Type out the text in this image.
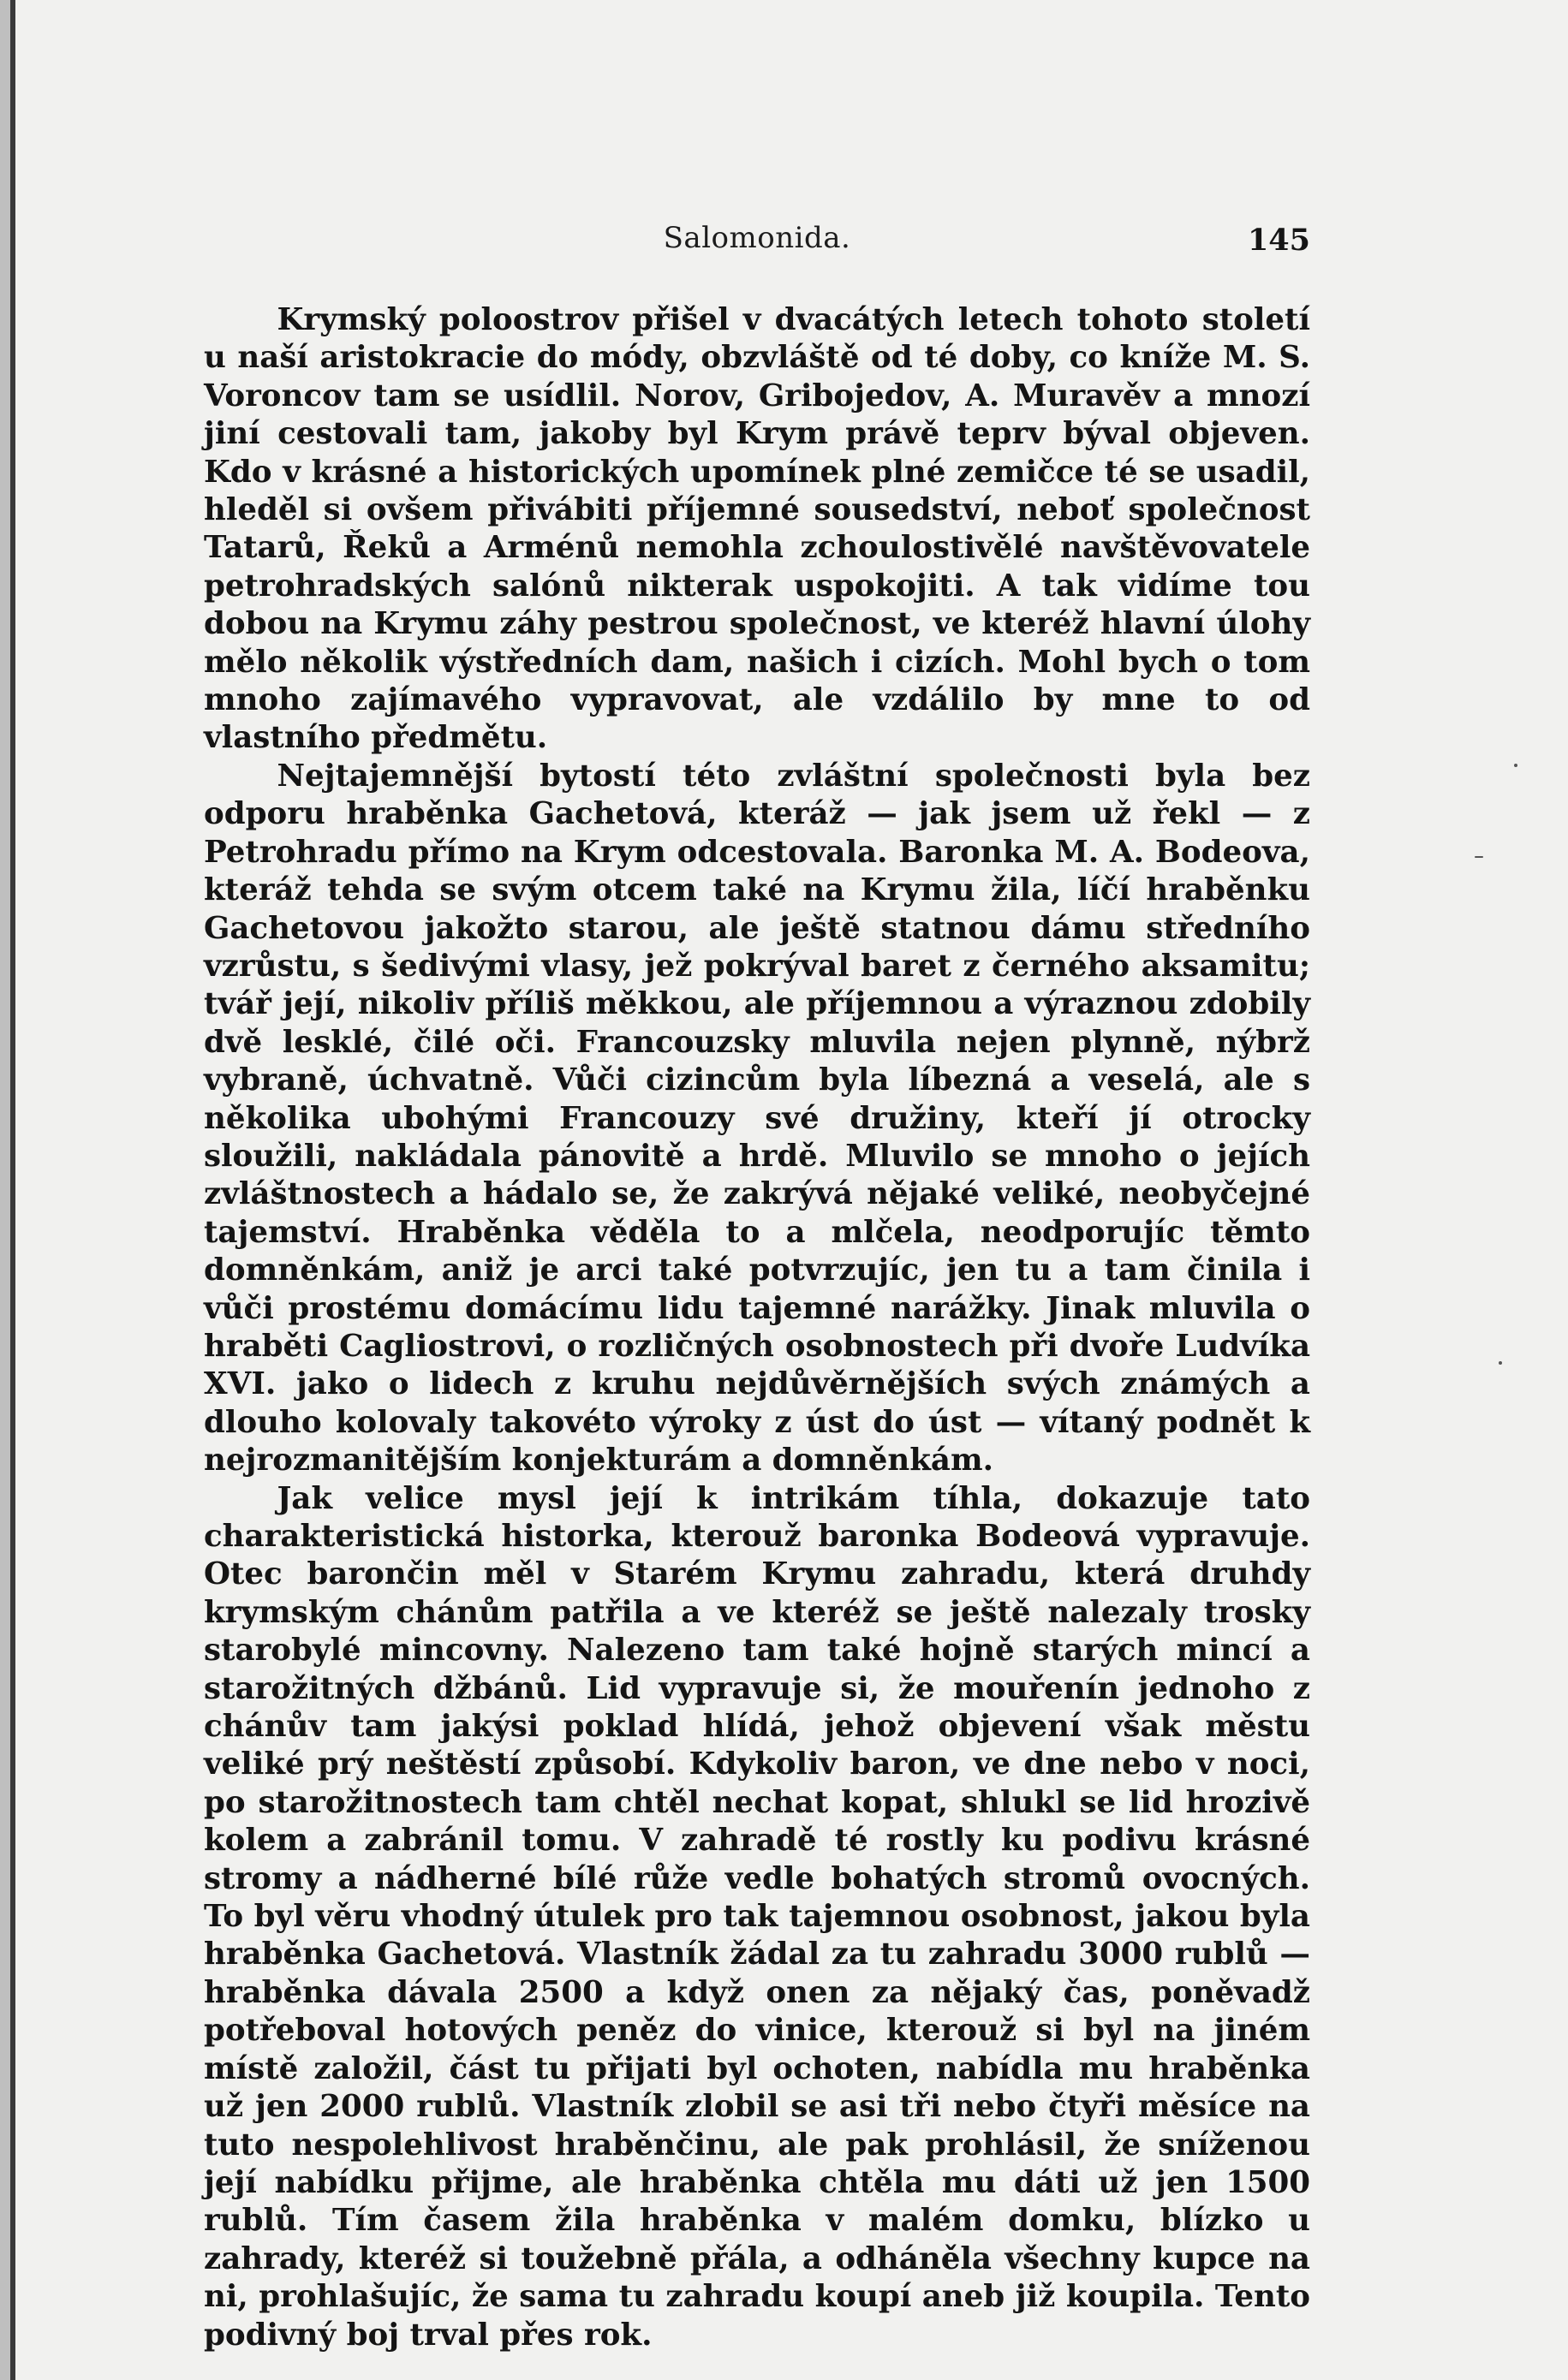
Salomonida.	145

Krymský poloostrov přišel v dvacátých letech tohoto století u naší aristokracie do módy, obzvláště od té doby, co kníže M. S. Voroncov tam se usídlil. Norov, Gribojedov, A. Muravěv a mnozí jiní cestovali tam, jakoby byl Krym právě teprv býval objeven. Kdo v krásné a historických upomínek plné zemičce té se usadil, hleděl si ovšem přivábiti příjemné sousedství, neboť společnost Tatarů, Řeků a Arménů nemohla zchoulostivělé navštěvovatele petrohradských salónů nikterak uspokojiti. A tak vidíme tou dobou na Krymu záhy pestrou společnost, ve kteréž hlavní úlohy mělo několik výstředních dam, našich i cizích. Mohl bych o tom mnoho zajímavého vypravovat, ale vzdálilo by mne to od vlastního předmětu.

Nejtajemnější bytostí této zvláštní společnosti byla bez odporu hraběnka Gachetová, kteráž — jak jsem už řekl — z Petrohradu přímo na Krym odcestovala. Baronka M. A. Bodeova, kteráž tehda se svým otcem také na Krymu žila, líčí hraběnku Gachetovou jakožto starou, ale ještě statnou dámu středního vzrůstu, s šedivými vlasy, jež pokrýval baret z černého aksamitu; tvář její, nikoliv příliš měkkou, ale příjemnou a výraznou zdobily dvě lesklé, čilé oči. Francouzsky mluvila nejen plynně, nýbrž vybraně, úchvatně. Vůči cizincům byla líbezná a veselá, ale s několika ubohými Francouzy své družiny, kteří jí otrocky sloužili, nakládala pánovitě a hrdě. Mluvilo se mnoho o jejích zvláštnostech a hádalo se, že zakrývá nějaké veliké, neobyčejné tajemství. Hraběnka věděla to a mlčela, neodporujíc těmto domněnkám, aniž je arci také potvrzujíc, jen tu a tam činila i vůči prostému domácímu lidu tajemné narážky. Jinak mluvila o hraběti Cagliostrovi, o rozličných osobnostech při dvoře Ludvíka XVI. jako o lidech z kruhu nejdůvěrnějších svých známých a dlouho kolovaly takovéto výroky z úst do úst — vítaný podnět k nejrozmanitějším konjekturám a domněnkám.

Jak velice mysl její k intrikám tíhla, dokazuje tato charakteristická historka, kterouž baronka Bodeová vypravuje. Otec barončin měl v Starém Krymu zahradu, která druhdy krymským chánům patřila a ve kteréž se ještě nalezaly trosky starobylé mincovny. Nalezeno tam také hojně starých mincí a starožitných džbánů. Lid vypravuje si, že mouřenín jednoho z chánův tam jakýsi poklad hlídá, jehož objevení však městu veliké prý neštěstí způsobí. Kdykoliv baron, ve dne nebo v noci, po starožitnostech tam chtěl nechat kopat, shlukl se lid hrozivě kolem a zabránil tomu. V zahradě té rostly ku podivu krásné stromy a nádherné bílé růže vedle bohatých stromů ovocných. To byl věru vhodný útulek pro tak tajemnou osobnost, jakou byla hraběnka Gachetová. Vlastník žádal za tu zahradu 3000 rublů — hraběnka dávala 2500 a když onen za nějaký čas, poněvadž potřeboval hotových peněz do vinice, kterouž si byl na jiném místě založil, část tu přijati byl ochoten, nabídla mu hraběnka už jen 2000 rublů. Vlastník zlobil se asi tři nebo čtyři měsíce na tuto nespolehlivost hraběnčinu, ale pak prohlásil, že sníženou její nabídku přijme, ale hraběnka chtěla mu dáti už jen 1500 rublů. Tím časem žila hraběnka v malém domku, blízko u zahrady, kteréž si toužebně přála, a odháněla všechny kupce na ni, prohlašujíc, že sama tu zahradu koupí aneb již koupila. Tento podivný boj trval přes rok.
